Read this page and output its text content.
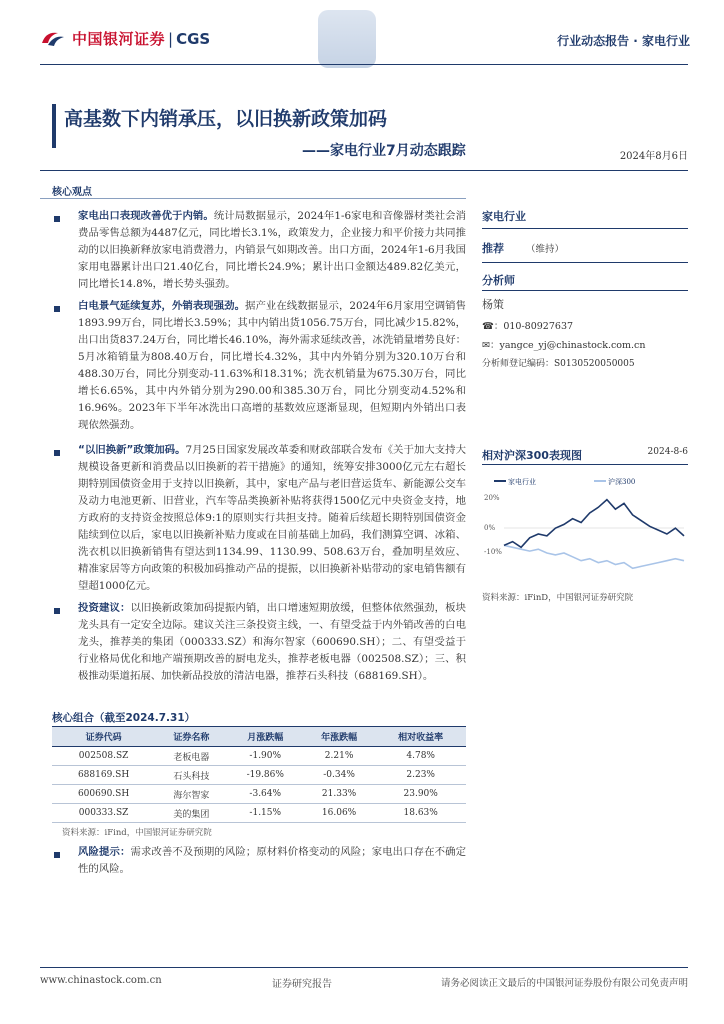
中国银河证券 | CGS	行业动态报告 · 家电行业
高基数下内销承压，以旧换新政策加码
——家电行业7月动态跟踪	2024年8月6日
核心观点
家电出口表现改善优于内销。统计局数据显示，2024年1-6家电和音像器材类社会消费品零售总额为4487亿元，同比增长3.1%，政策发力，企业接力和平价接力共同推动的以旧换新释放家电消费潜力，内销景气如期改善。出口方面，2024年1-6月我国家用电器累计出口21.40亿台，同比增长24.9%；累计出口金额达489.82亿美元，同比增长14.8%，增长势头强劲。
白电景气延续复苏，外销表现强劲。据产业在线数据显示，2024年6月家用空调销售1893.99万台，同比增长3.59%；其中内销出货1056.75万台，同比减少15.82%，出口出货837.24万台，同比增长46.10%，海外需求延续改善，冰洗销量增势良好：5月冰箱销量为808.40万台，同比增长4.32%，其中内外销分别为320.10万台和488.30万台，同比分别变动-11.63%和18.31%；洗衣机销量为675.30万台，同比增长6.65%，其中内外销分别为290.00和385.30万台，同比分别变动4.52%和16.96%。2023年下半年冰洗出口高增的基数效应逐渐显现，但短期内外销出口表现依然强劲。
“以旧换新”政策加码。7月25日国家发展改革委和财政部联合发布《关于加大支持大规模设备更新和消费品以旧换新的若干措施》的通知，统筹安排3000亿元左右超长期特别国债资金用于支持以旧换新，其中，家电产品与老旧营运货车、新能源公交车及动力电池更新、旧营业，汽车等品类换新补贴将获得1500亿元中央资金支持，地方政府的支持资金按照总体9:1的原则实行共担支持。随着后续超长期特别国债资金陆续到位以后，家电以旧换新补贴力度或在目前基础上加码，我们测算空调、冰箱、洗衣机以旧换新销售有望达到1134.99、1130.99、508.63万台，叠加明星效应、精准家居等方向政策的积极加码推动产品的提振，以旧换新补贴带动的家电销售额有望超1000亿元。
投资建议：以旧换新政策加码提振内销，出口增速短期放缓，但整体依然强劲，板块龙头具有一定安全边际。建议关注三条投资主线，一、有望受益于内外销改善的白电龙头，推荐美的集团（000333.SZ）和海尔智家（600690.SH）；二、有望受益于行业格局优化和地产端预期改善的厨电龙头，推荐老板电器（002508.SZ）；三、积极推动渠道拓展、加快新品投放的清洁电器，推荐石头科技（688169.SH）。
家电行业
推荐 （维持）
分析师
杨策
☎：010-80927637
✉：yangce_yj@chinastock.com.cn
分析师登记编码：S0130520050005
相对沪深300表现图	2024-8-6
家电行业	沪深300
20%
0%
-10%
资料来源：iFinD，中国银河证券研究院
核心组合（截至2024.7.31）
证券代码	证券名称	月涨跌幅	年涨跌幅	相对收益率
002508.SZ	老板电器	-1.90%	2.21%	4.78%
688169.SH	石头科技	-19.86%	-0.34%	2.23%
600690.SH	海尔智家	-3.64%	21.33%	23.90%
000333.SZ	美的集团	-1.15%	16.06%	18.63%
资料来源：iFind，中国银河证券研究院
风险提示：需求改善不及预期的风险；原材料价格变动的风险；家电出口存在不确定性的风险。
www.chinastock.com.cn	证券研究报告	请务必阅读正文最后的中国银河证券股份有限公司免责声明
